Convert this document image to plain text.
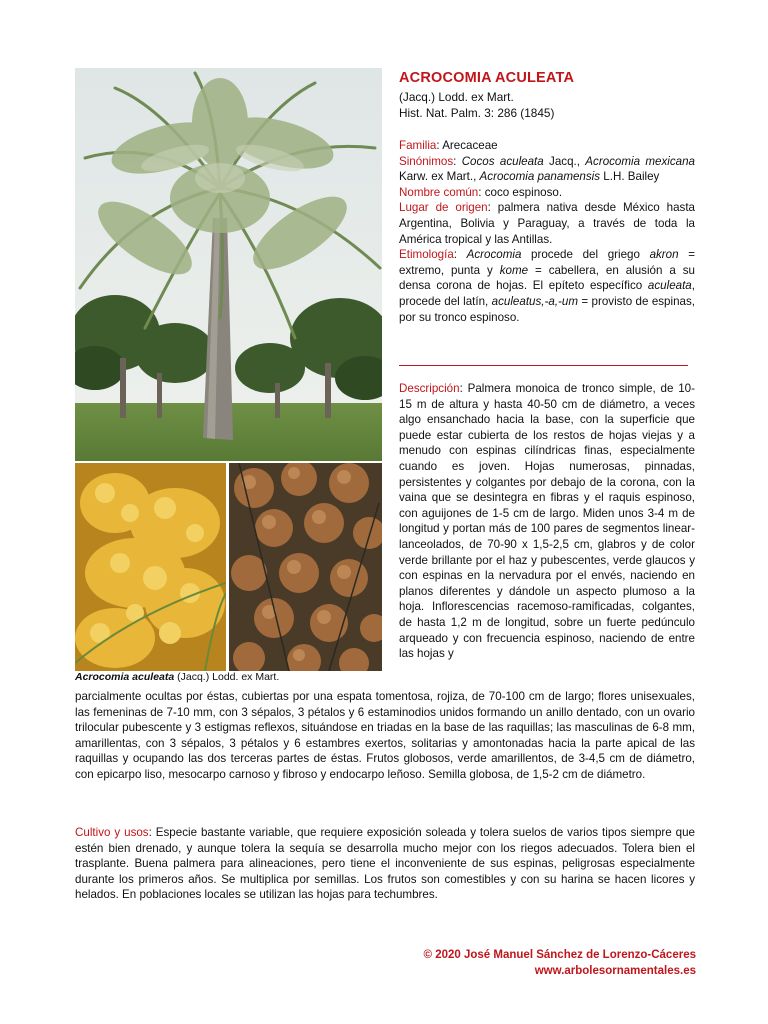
Acrocomia aculeata (Jacq.) Lodd. ex Mart.
ACROCOMIA ACULEATA
(Jacq.) Lodd. ex Mart.
Hist. Nat. Palm. 3: 286 (1845)
Familia: Arecaceae
Sinónimos: Cocos aculeata Jacq., Acrocomia mexicana Karw. ex Mart., Acrocomia panamensis L.H. Bailey
Nombre común: coco espinoso.
Lugar de origen: palmera nativa desde México hasta Argentina, Bolivia y Paraguay, a través de toda la América tropical y las Antillas.
Etimología: Acrocomia procede del griego akron = extremo, punta y kome = cabellera, en alusión a su densa corona de hojas. El epíteto específico aculeata, procede del latín, aculeatus,-a,-um = provisto de espinas, por su tronco espinoso.
Descripción: Palmera monoica de tronco simple, de 10-15 m de altura y hasta 40-50 cm de diámetro, a veces algo ensanchado hacia la base, con la superficie que puede estar cubierta de los restos de hojas viejas y a menudo con espinas cilíndricas finas, especialmente cuando es joven. Hojas numerosas, pinnadas, persistentes y colgantes por debajo de la corona, con la vaina que se desintegra en fibras y el raquis espinoso, con aguijones de 1-5 cm de largo. Miden unos 3-4 m de longitud y portan más de 100 pares de segmentos linear-lanceolados, de 70-90 x 1,5-2,5 cm, glabros y de color verde brillante por el haz y pubescentes, verde glaucos y con espinas en la nervadura por el envés, naciendo en planos diferentes y dándole un aspecto plumoso a la hoja. Inflorescencias racemoso-ramificadas, colgantes, de hasta 1,2 m de longitud, sobre un fuerte pedúnculo arqueado y con frecuencia espinoso, naciendo de entre las hojas y
parcialmente ocultas por éstas, cubiertas por una espata tomentosa, rojiza, de 70-100 cm de largo; flores unisexuales, las femeninas de 7-10 mm, con 3 sépalos, 3 pétalos y 6 estaminodios unidos formando un anillo dentado, con un ovario trilocular pubescente y 3 estigmas reflexos, situándose en triadas en la base de las raquillas; las masculinas de 6-8 mm, amarillentas, con 3 sépalos, 3 pétalos y 6 estambres exertos, solitarias y amontonadas hacia la parte apical de las raquillas y ocupando las dos terceras partes de éstas. Frutos globosos, verde amarillentos, de 3-4,5 cm de diámetro, con epicarpo liso, mesocarpo carnoso y fibroso y endocarpo leñoso. Semilla globosa, de 1,5-2 cm de diámetro.
Cultivo y usos: Especie bastante variable, que requiere exposición soleada y tolera suelos de varios tipos siempre que estén bien drenado, y aunque tolera la sequía se desarrolla mucho mejor con los riegos adecuados. Tolera bien el trasplante. Buena palmera para alineaciones, pero tiene el inconveniente de sus espinas, peligrosas especialmente durante los primeros años. Se multiplica por semillas. Los frutos son comestibles y con su harina se hacen licores y helados. En poblaciones locales se utilizan las hojas para techumbres.
© 2020 José Manuel Sánchez de Lorenzo-Cáceres
www.arbolesornamentales.es
